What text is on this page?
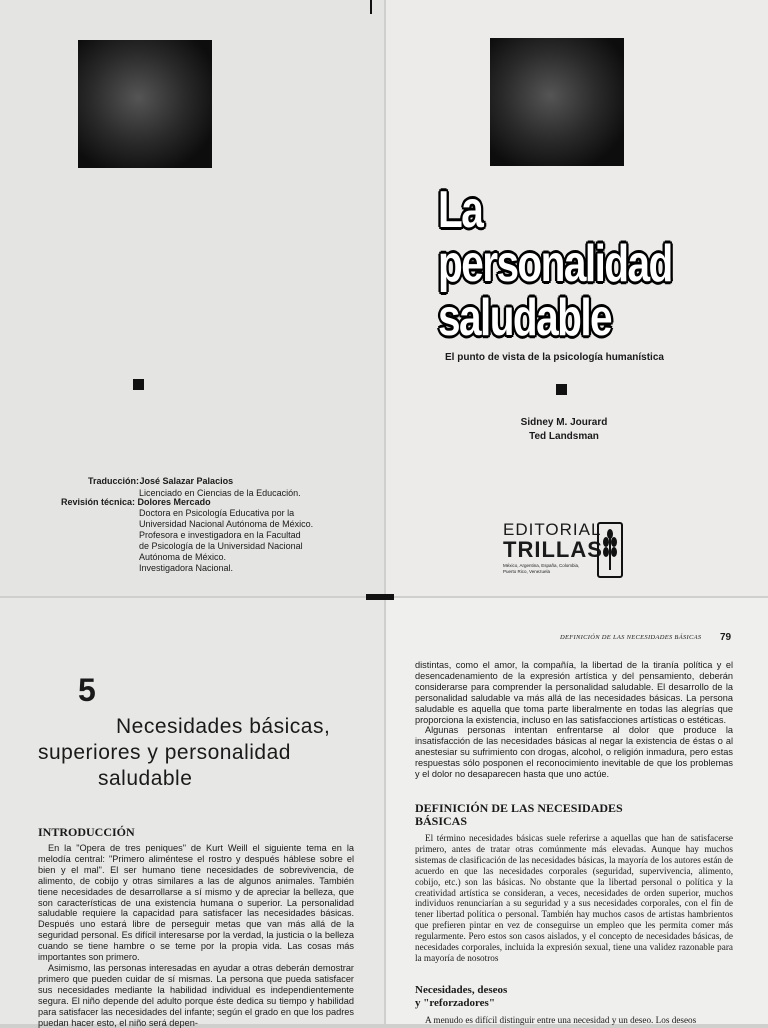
Traducción: José Salazar Palacios
Licenciado en Ciencias de la Educación.
Revisión técnica: Dolores Mercado
Doctora en Psicología Educativa por la
Universidad Nacional Autónoma de México.
Profesora e investigadora en la Facultad
de Psicología de la Universidad Nacional
Autónoma de México.
Investigadora Nacional.
La
personalidad
saludable
El punto de vista de la psicología humanística
Sidney M. Jourard
Ted Landsman
EDITORIAL
TRILLAS
México, Argentina, España, Colombia, Puerto Rico, Venezuela
5
Necesidades básicas,
superiores y personalidad
saludable
INTRODUCCIÓN

En la "Opera de tres peniques" de Kurt Weill el siguiente tema en la melodía central: "Primero aliméntese el rostro y después háblese sobre el bien y el mal". El ser humano tiene necesidades de sobrevivencia, de alimento, de cobijo y otras similares a las de algunos animales. También tiene necesidades de desarrollarse a sí mismo y de apreciar la belleza, que son características de una existencia humana o superior. La personalidad saludable requiere la capacidad para satisfacer las necesidades básicas. Después uno estará libre de perseguir metas que van más allá de la seguridad personal. Es difícil interesarse por la verdad, la justicia o la belleza cuando se tiene hambre o se teme por la propia vida. Las cosas más importantes son primero.

Asimismo, las personas interesadas en ayudar a otras deberán demostrar primero que pueden cuidar de sí mismas. La persona que pueda satisfacer sus necesidades mediante la habilidad individual es independientemente segura. El niño depende del adulto porque éste dedica su tiempo y habilidad para satisfacer las necesidades del infante; según el grado en que los padres puedan hacer esto, el niño será depen-

DEFINICIÓN DE LAS NECESIDADES BÁSICAS 79

distintas, como el amor, la compañía, la libertad de la tiranía política y el desencadenamiento de la expresión artística y del pensamiento, deberán considerarse para comprender la personalidad saludable. El desarrollo de la personalidad saludable va más allá de las necesidades básicas. La persona saludable es aquella que toma parte liberalmente en todas las alegrías que proporciona la existencia, incluso en las satisfacciones artísticas o estéticas.

Algunas personas intentan enfrentarse al dolor que produce la insatisfacción de las necesidades básicas al negar la existencia de éstas o al anestesiar su sufrimiento con drogas, alcohol, o religión inmadura, pero estas respuestas sólo posponen el reconocimiento inevitable de que los problemas y el dolor no desaparecen hasta que uno actúe.

DEFINICIÓN DE LAS NECESIDADES BÁSICAS

El término necesidades básicas suele referirse a aquellas que han de satisfacerse primero, antes de tratar otras comúnmente más elevadas. Aunque hay muchos sistemas de clasificación de las necesidades básicas, la mayoría de los autores están de acuerdo en que las necesidades corporales (seguridad, supervivencia, alimento, cobijo, etc.) son las básicas. No obstante que la libertad personal o política y la creatividad artística se consideran, a veces, necesidades de orden superior, muchos individuos renunciarían a su seguridad y a sus necesidades corporales, con el fin de tener libertad política o personal. También hay muchos casos de artistas hambrientos que prefieren pintar en vez de conseguirse un empleo que les permita comer más regularmente. Pero estos son casos aislados, y el concepto de necesidades básicas, de necesidades corporales, incluida la expresión sexual, tiene una validez razonable para la mayoría de nosotros

Necesidades, deseos
y "reforzadores"

A menudo es difícil distinguir entre una necesidad y un deseo. Los deseos
